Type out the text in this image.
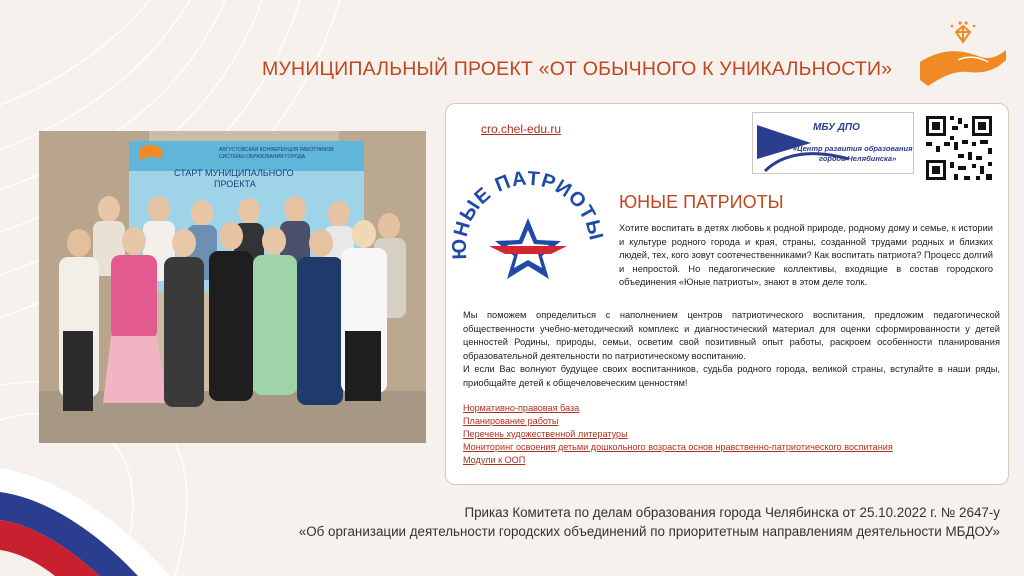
МУНИЦИПАЛЬНЫЙ ПРОЕКТ «ОТ ОБЫЧНОГО К УНИКАЛЬНОСТИ»
АВГУСТОВСКАЯ КОНФЕРЕНЦИЯ РАБОТНИКОВ
СИСТЕМЫ ОБРАЗОВАНИЯ ГОРОДА
СТАРТ МУНИЦИПАЛЬНОГО
ПРОЕКТА
cro.chel-edu.ru	МБУ ДПО
«Центр развития образования
города Челябинска»
ЮНЫЕ ПАТРИОТЫ
ЮНЫЕ ПАТРИОТЫ
Хотите воспитать в детях любовь к родной природе, родному дому и семье, к истории и культуре родного города и края, страны, созданной трудами родных и близких людей, тех, кого зовут соотечественниками? Как воспитать патриота? Процесс долгий и непростой. Но педагогические коллективы, входящие в состав городского объединения «Юные патриоты», знают в этом деле толк.

Мы поможем определиться с наполнением центров патриотического воспитания, предложим педагогической общественности учебно-методический комплекс и диагностический материал для оценки сформированности у детей ценностей Родины, природы, семьи, осветим свой позитивный опыт работы, раскроем особенности планирования образовательной деятельности по патриотическому воспитанию.

И если Вас волнуют будущее своих воспитанников, судьба родного города, великой страны, вступайте в наши ряды, приобщайте детей к общечеловеческим ценностям!

Нормативно-правовая база
Планирование работы
Перечень художественной литературы
Мониторинг освоения детьми дошкольного возраста основ нравственно-патриотического воспитания
Модули к ООП
Приказ Комитета по делам образования города Челябинска от 25.10.2022 г. № 2647-у
«Об организации деятельности городских объединений по приоритетным направлениям деятельности МБДОУ»
